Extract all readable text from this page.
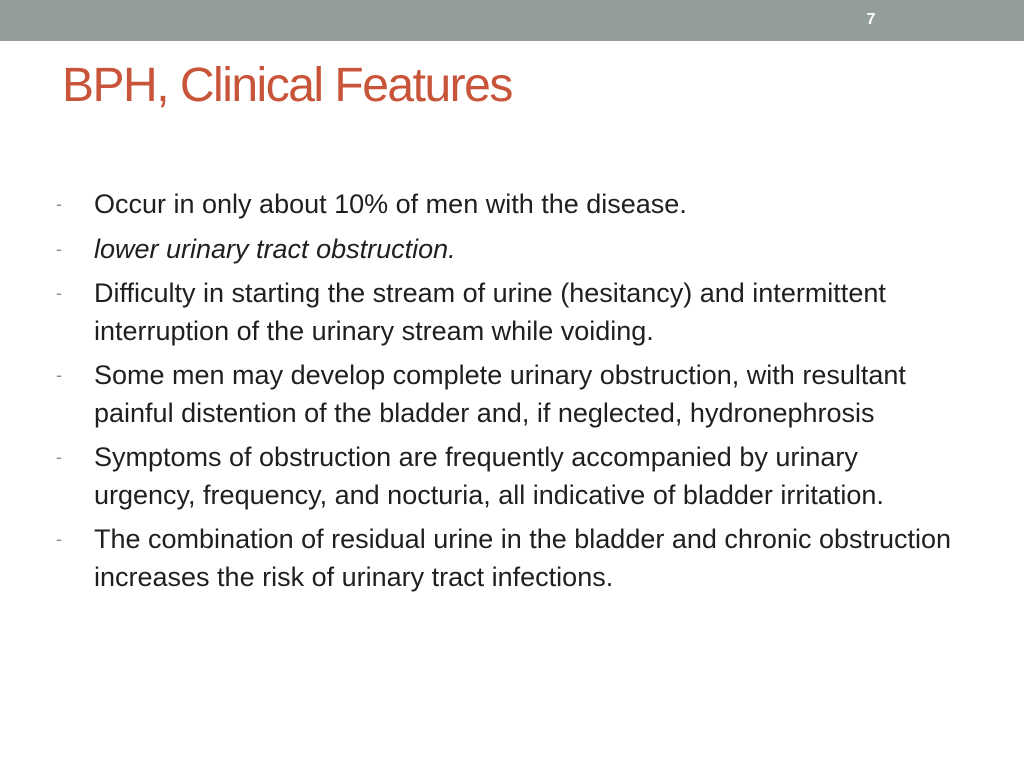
7
BPH, Clinical Features
- Occur in only about 10% of men with the disease.
- lower urinary tract obstruction.
- Difficulty in starting the stream of urine (hesitancy) and intermittent interruption of the urinary stream while voiding.
- Some men may develop complete urinary obstruction, with resultant painful distention of the bladder and, if neglected, hydronephrosis
- Symptoms of obstruction are frequently accompanied by urinary urgency, frequency, and nocturia, all indicative of bladder irritation.
- The combination of residual urine in the bladder and chronic obstruction increases the risk of urinary tract infections.
